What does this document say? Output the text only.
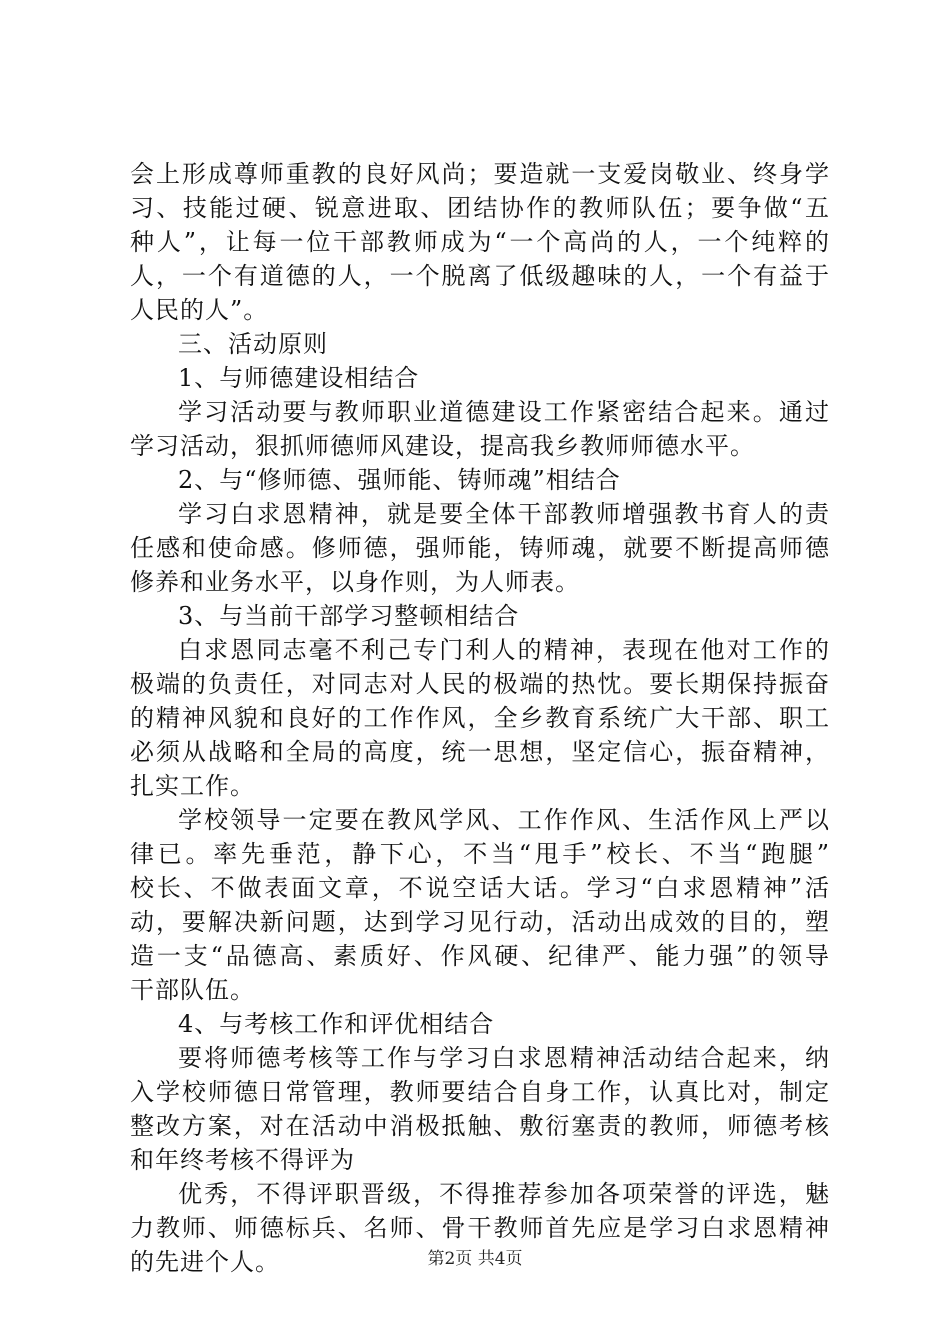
会上形成尊师重教的良好风尚；要造就一支爱岗敬业、终身学
习、技能过硬、锐意进取、团结协作的教师队伍；要争做“五
种人”，让每一位干部教师成为“一个高尚的人，一个纯粹的
人，一个有道德的人，一个脱离了低级趣味的人，一个有益于
人民的人”。
三、活动原则
1、与师德建设相结合
学习活动要与教师职业道德建设工作紧密结合起来。通过
学习活动，狠抓师德师风建设，提高我乡教师师德水平。
2、与“修师德、强师能、铸师魂”相结合
学习白求恩精神，就是要全体干部教师增强教书育人的责
任感和使命感。修师德，强师能，铸师魂，就要不断提高师德
修养和业务水平，以身作则，为人师表。
3、与当前干部学习整顿相结合
白求恩同志毫不利己专门利人的精神，表现在他对工作的
极端的负责任，对同志对人民的极端的热忱。要长期保持振奋
的精神风貌和良好的工作作风，全乡教育系统广大干部、职工
必须从战略和全局的高度，统一思想，坚定信心，振奋精神，
扎实工作。
学校领导一定要在教风学风、工作作风、生活作风上严以
律已。率先垂范，静下心，不当“甩手”校长、不当“跑腿”
校长、不做表面文章，不说空话大话。学习“白求恩精神”活
动，要解决新问题，达到学习见行动，活动出成效的目的，塑
造一支“品德高、素质好、作风硬、纪律严、能力强”的领导
干部队伍。
4、与考核工作和评优相结合
要将师德考核等工作与学习白求恩精神活动结合起来，纳
入学校师德日常管理，教师要结合自身工作，认真比对，制定
整改方案，对在活动中消极抵触、敷衍塞责的教师，师德考核
和年终考核不得评为
优秀，不得评职晋级，不得推荐参加各项荣誉的评选，魅
力教师、师德标兵、名师、骨干教师首先应是学习白求恩精神
的先进个人。	第2页 共4页
